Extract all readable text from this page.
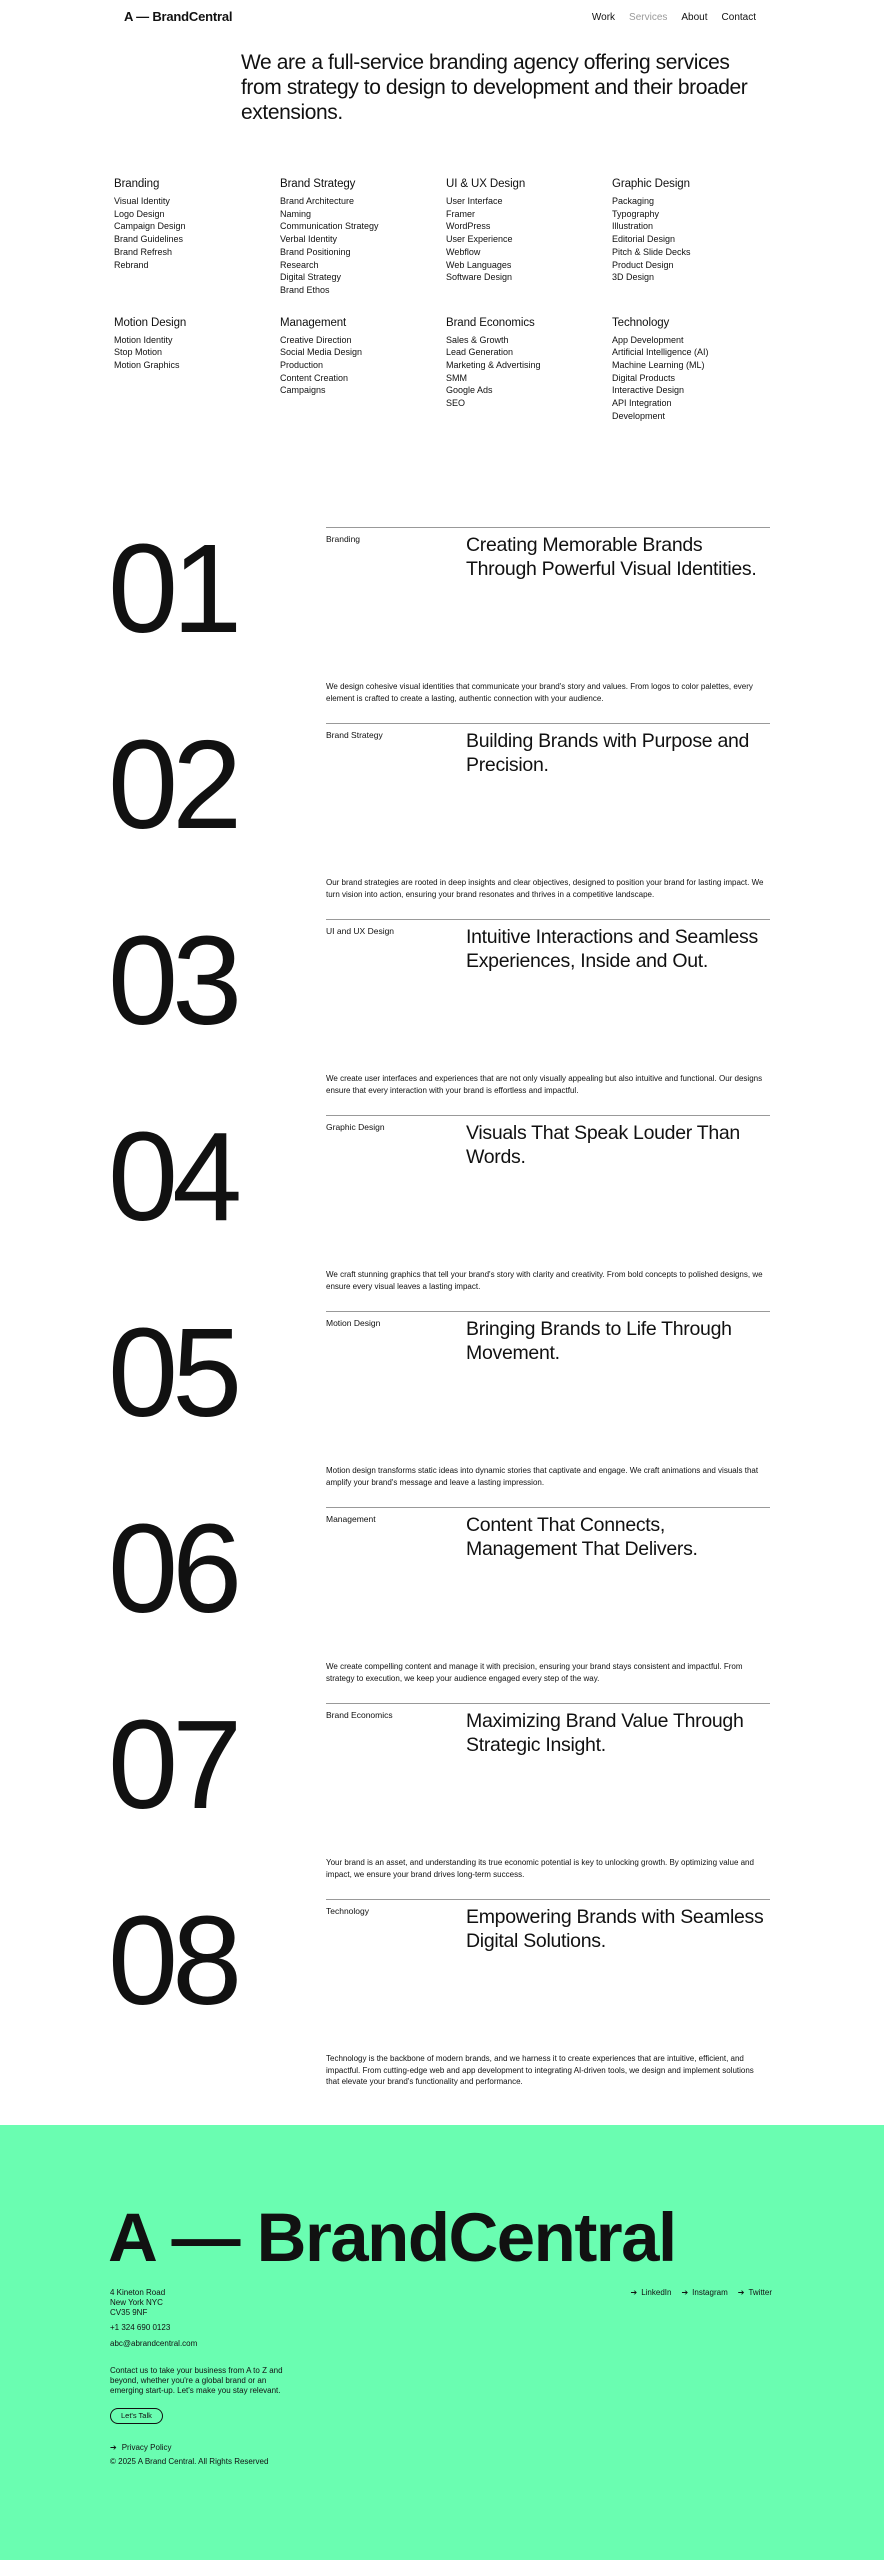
A — BrandCentral	Work Services About Contact
We are a full-service branding agency offering services from strategy to design to development and their broader extensions.
Branding
Visual Identity
Logo Design
Campaign Design
Brand Guidelines
Brand Refresh
Rebrand
Brand Strategy
Brand Architecture
Naming
Communication Strategy
Verbal Identity
Brand Positioning
Research
Digital Strategy
Brand Ethos
UI & UX Design
User Interface
Framer
WordPress
User Experience
Webflow
Web Languages
Software Design
Graphic Design
Packaging
Typography
Illustration
Editorial Design
Pitch & Slide Decks
Product Design
3D Design
Motion Design
Motion Identity
Stop Motion
Motion Graphics
Management
Creative Direction
Social Media Design
Production
Content Creation
Campaigns
Brand Economics
Sales & Growth
Lead Generation
Marketing & Advertising
SMM
Google Ads
SEO
Technology
App Development
Artificial Intelligence (AI)
Machine Learning (ML)
Digital Products
Interactive Design
API Integration
Development
01	Branding	Creating Memorable Brands Through Powerful Visual Identities.
We design cohesive visual identities that communicate your brand's story and values. From logos to color palettes, every element is crafted to create a lasting, authentic connection with your audience.
02	Brand Strategy	Building Brands with Purpose and Precision.
Our brand strategies are rooted in deep insights and clear objectives, designed to position your brand for lasting impact. We turn vision into action, ensuring your brand resonates and thrives in a competitive landscape.
03	UI and UX Design	Intuitive Interactions and Seamless Experiences, Inside and Out.
We create user interfaces and experiences that are not only visually appealing but also intuitive and functional. Our designs ensure that every interaction with your brand is effortless and impactful.
04	Graphic Design	Visuals That Speak Louder Than Words.
We craft stunning graphics that tell your brand's story with clarity and creativity. From bold concepts to polished designs, we ensure every visual leaves a lasting impact.
05	Motion Design	Bringing Brands to Life Through Movement.
Motion design transforms static ideas into dynamic stories that captivate and engage. We craft animations and visuals that amplify your brand's message and leave a lasting impression.
06	Management	Content That Connects, Management That Delivers.
We create compelling content and manage it with precision, ensuring your brand stays consistent and impactful. From strategy to execution, we keep your audience engaged every step of the way.
07	Brand Economics	Maximizing Brand Value Through Strategic Insight.
Your brand is an asset, and understanding its true economic potential is key to unlocking growth. By optimizing value and impact, we ensure your brand drives long-term success.
08	Technology	Empowering Brands with Seamless Digital Solutions.
Technology is the backbone of modern brands, and we harness it to create experiences that are intuitive, efficient, and impactful. From cutting-edge web and app development to integrating AI-driven tools, we design and implement solutions that elevate your brand's functionality and performance.
A — BrandCentral
4 Kineton Road
New York NYC
CV35 9NF
+1 324 690 0123
abc@abrandcentral.com
Contact us to take your business from A to Z and beyond, whether you're a global brand or an emerging start-up. Let's make you stay relevant.
Let's Talk
➔ Privacy Policy
© 2025 A Brand Central. All Rights Reserved
➔ LinkedIn ➔ Instagram ➔ Twitter
